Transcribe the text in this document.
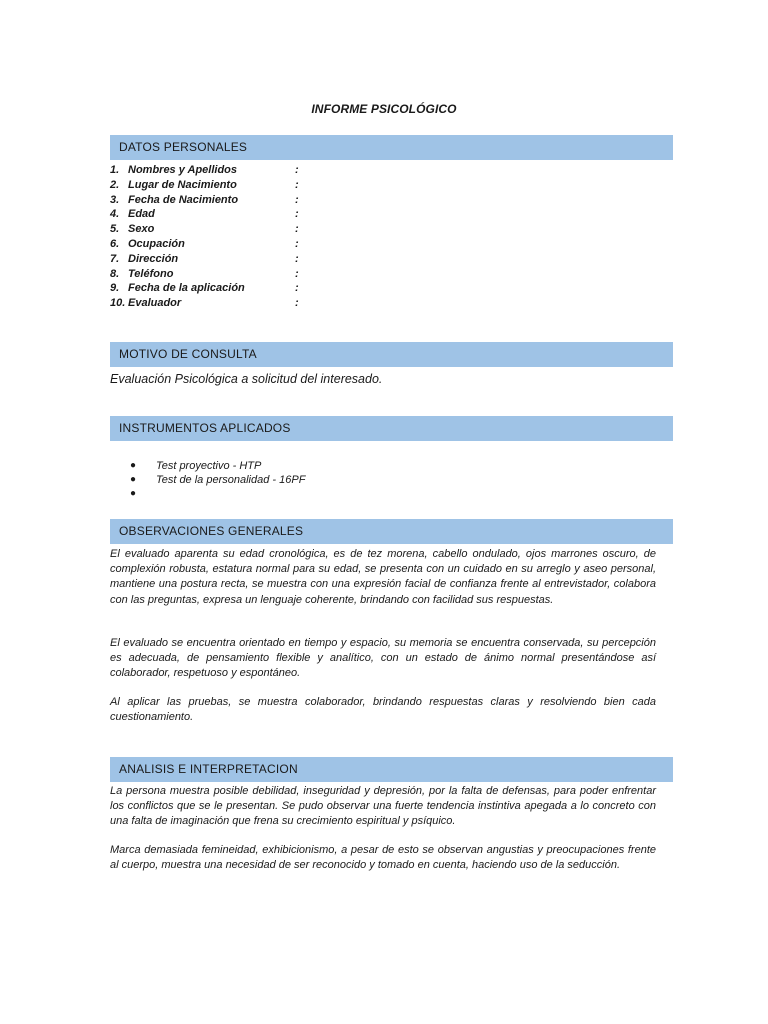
INFORME PSICOLÓGICO
DATOS PERSONALES
1. Nombres y Apellidos	:
2. Lugar de Nacimiento	:
3. Fecha de Nacimiento	:
4. Edad	:
5. Sexo	:
6. Ocupación	:
7. Dirección	:
8. Teléfono	:
9. Fecha de la aplicación	:
10. Evaluador	:
MOTIVO DE CONSULTA
Evaluación Psicológica a solicitud del interesado.
INSTRUMENTOS APLICADOS
● Test proyectivo - HTP
● Test de la personalidad - 16PF
●
OBSERVACIONES GENERALES

El evaluado aparenta su edad cronológica, es de tez morena, cabello ondulado, ojos marrones oscuro, de complexión robusta, estatura normal para su edad, se presenta con un cuidado en su arreglo y aseo personal, mantiene una postura recta, se muestra con una expresión facial de confianza frente al entrevistador, colabora con las preguntas, expresa un lenguaje coherente, brindando con facilidad sus respuestas.

El evaluado se encuentra orientado en tiempo y espacio, su memoria se encuentra conservada, su percepción es adecuada, de pensamiento flexible y analítico, con un estado de ánimo normal presentándose así colaborador, respetuoso y espontáneo.

Al aplicar las pruebas, se muestra colaborador, brindando respuestas claras y resolviendo bien cada cuestionamiento.

ANALISIS E INTERPRETACION

La persona muestra posible debilidad, inseguridad y depresión, por la falta de defensas, para poder enfrentar los conflictos que se le presentan. Se pudo observar una fuerte tendencia instintiva apegada a lo concreto con una falta de imaginación que frena su crecimiento espiritual y psíquico.

Marca demasiada femineidad, exhibicionismo, a pesar de esto se observan angustias y preocupaciones frente al cuerpo, muestra una necesidad de ser reconocido y tomado en cuenta, haciendo uso de la seducción.
